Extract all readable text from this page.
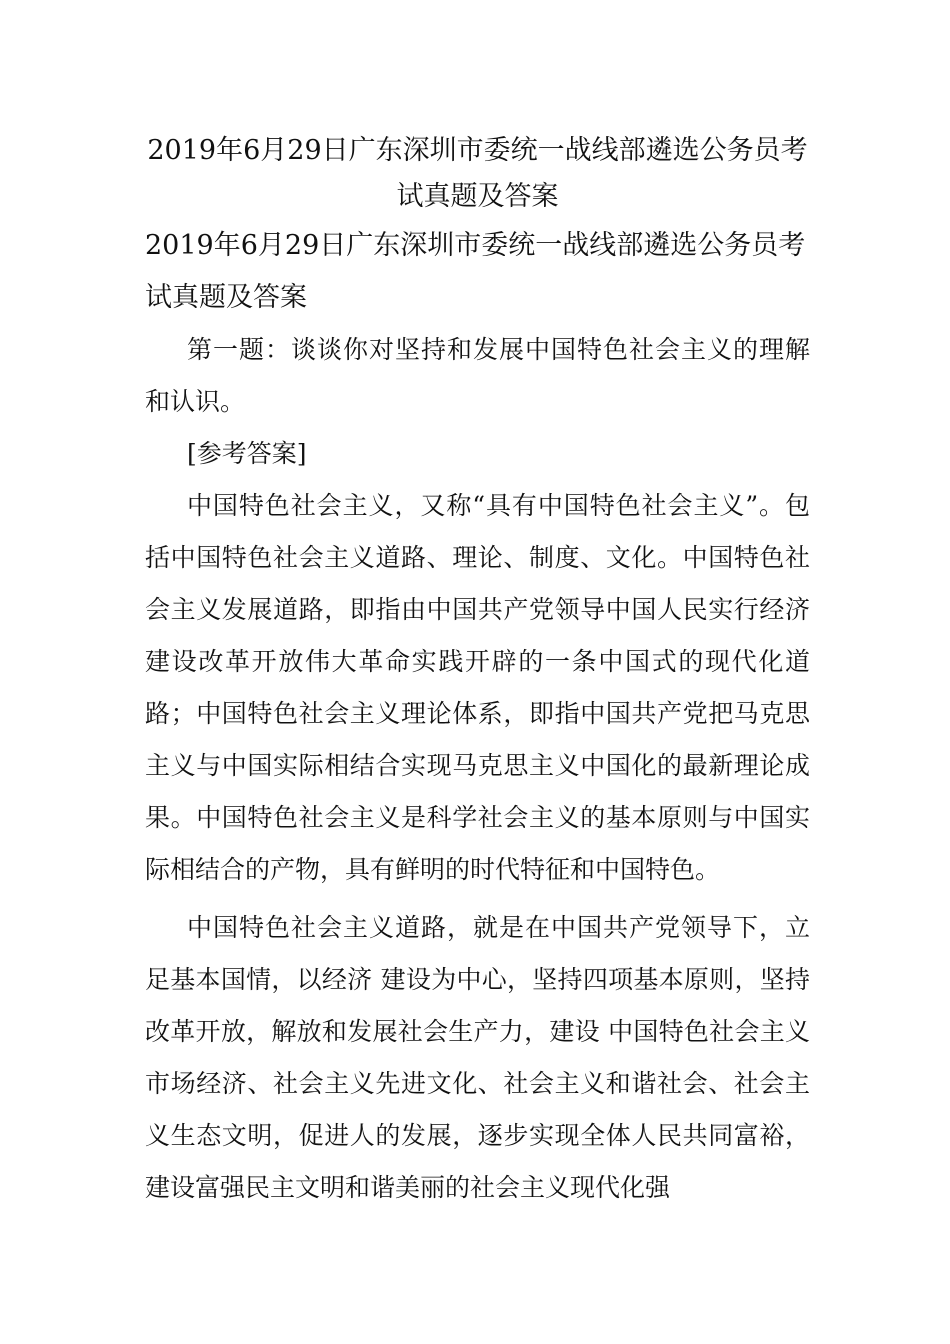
2019年6月29日广东深圳市委统一战线部遴选公务员考试真题及答案

2019年6月29日广东深圳市委统一战线部遴选公务员考试真题及答案

第一题：谈谈你对坚持和发展中国特色社会主义的理解和认识。

[参考答案]

中国特色社会主义，又称“具有中国特色社会主义”。包括中国特色社会主义道路、理论、制度、文化。中国特色社会主义发展道路，即指由中国共产党领导中国人民实行经济建设改革开放伟大革命实践开辟的一条中国式的现代化道路；中国特色社会主义理论体系，即指中国共产党把马克思主义与中国实际相结合实现马克思主义中国化的最新理论成果。中国特色社会主义是科学社会主义的基本原则与中国实际相结合的产物，具有鲜明的时代特征和中国特色。

中国特色社会主义道路，就是在中国共产党领导下，立足基本国情，以经济 建设为中心，坚持四项基本原则，坚持改革开放，解放和发展社会生产力，建设 中国特色社会主义市场经济、社会主义先进文化、社会主义和谐社会、社会主义生态文明，促进人的发展，逐步实现全体人民共同富裕，建设富强民主文明和谐美丽的社会主义现代化强
